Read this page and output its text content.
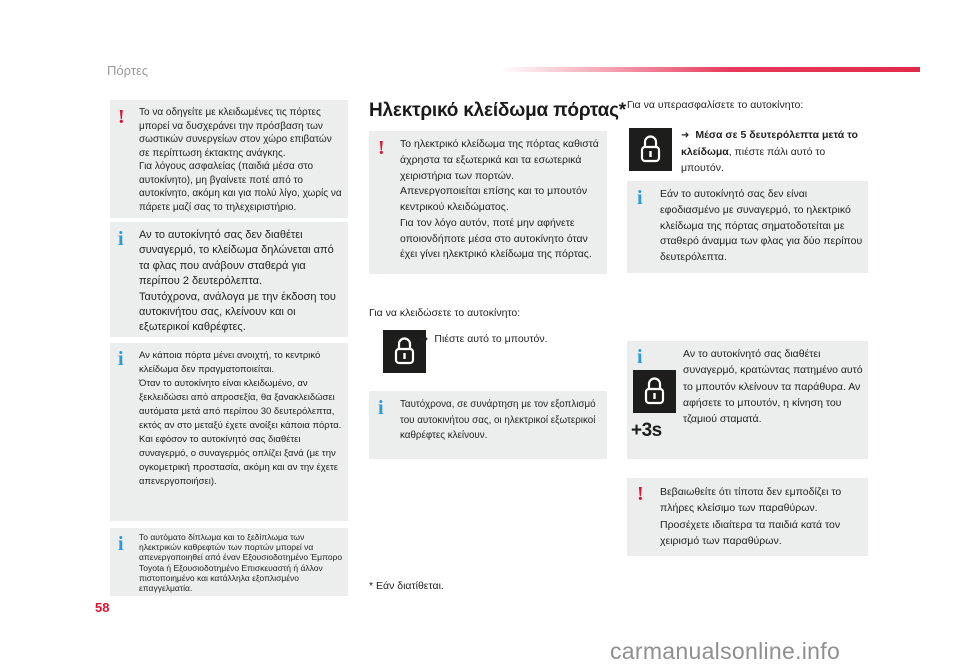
Πόρτες
! Το να οδηγείτε με κλειδωμένες τις πόρτες μπορεί να δυσχεράνει την πρόσβαση των σωστικών συνεργείων στον χώρο επιβατών σε περίπτωση έκτακτης ανάγκης.
Για λόγους ασφαλείας (παιδιά μέσα στο αυτοκίνητο), μη βγαίνετε ποτέ από το αυτοκίνητο, ακόμη και για πολύ λίγο, χωρίς να πάρετε μαζί σας το τηλεχειριστήριο.
i Αν το αυτοκίνητό σας δεν διαθέτει συναγερμό, το κλείδωμα δηλώνεται από τα φλας που ανάβουν σταθερά για περίπου 2 δευτερόλεπτα.
Ταυτόχρονα, ανάλογα με την έκδοση του αυτοκινήτου σας, κλείνουν και οι εξωτερικοί καθρέφτες.
i Αν κάποια πόρτα μένει ανοιχτή, το κεντρικό κλείδωμα δεν πραγματοποιείται.
Όταν το αυτοκίνητο είναι κλειδωμένο, αν ξεκλειδώσει από απροσεξία, θα ξανακλειδώσει αυτόματα μετά από περίπου 30 δευτερόλεπτα, εκτός αν στο μεταξύ έχετε ανοίξει κάποια πόρτα.
Και εφόσον το αυτοκίνητό σας διαθέτει συναγερμό, ο συναγερμός οπλίζει ξανά (με την ογκομετρική προστασία, ακόμη και αν την έχετε απενεργοποιήσει).
i Το αυτόματο δίπλωμα και το ξεδίπλωμα των ηλεκτρικών καθρεφτών των πορτών μπορεί να απενεργοποιηθεί από έναν Εξουσιοδοτημένο Έμπορο Toyota ή Εξουσιοδοτημένο Επισκευαστή ή άλλον πιστοποιημένο και κατάλληλα εξοπλισμένο επαγγελματία.
Ηλεκτρικό κλείδωμα πόρτας*
! Το ηλεκτρικό κλείδωμα της πόρτας καθιστά άχρηστα τα εξωτερικά και τα εσωτερικά χειριστήρια των πορτών.
Απενεργοποιείται επίσης και το μπουτόν κεντρικού κλειδώματος.
Για τον λόγο αυτόν, ποτέ μην αφήνετε οποιονδήποτε μέσα στο αυτοκίνητο όταν έχει γίνει ηλεκτρικό κλείδωμα της πόρτας.
Για να κλειδώσετε το αυτοκίνητο:
➜ Πιέστε αυτό το μπουτόν.
i Ταυτόχρονα, σε συνάρτηση με τον εξοπλισμό του αυτοκινήτου σας, οι ηλεκτρικοί εξωτερικοί καθρέφτες κλείνουν.
* Εάν διατίθεται.
Για να υπερασφαλίσετε το αυτοκίνητο:
➜ Μέσα σε 5 δευτερόλεπτα μετά το κλείδωμα, πιέστε πάλι αυτό το μπουτόν.
i Εάν το αυτοκίνητό σας δεν είναι εφοδιασμένο με συναγερμό, το ηλεκτρικό κλείδωμα της πόρτας σηματοδοτείται με σταθερό άναμμα των φλας για δύο περίπου δευτερόλεπτα.
i
+3s
Αν το αυτοκίνητό σας διαθέτει συναγερμό, κρατώντας πατημένο αυτό το μπουτόν κλείνουν τα παράθυρα. Αν αφήσετε το μπουτόν, η κίνηση του τζαμιού σταματά.
! Βεβαιωθείτε ότι τίποτα δεν εμποδίζει το πλήρες κλείσιμο των παραθύρων.
Προσέχετε ιδιαίτερα τα παιδιά κατά τον χειρισμό των παραθύρων.
58
carmanualsonline.info
